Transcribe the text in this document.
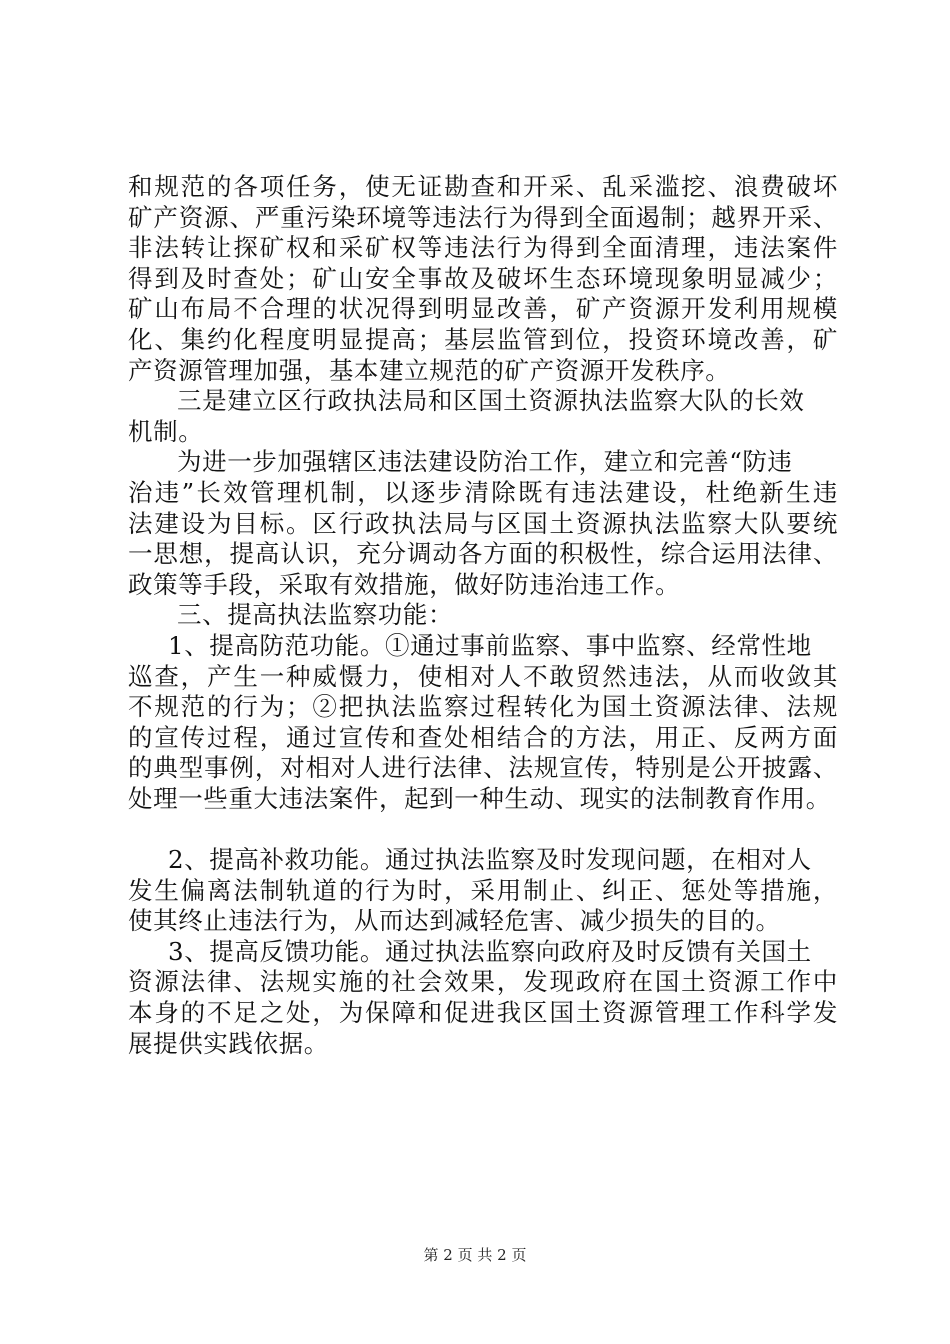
和规范的各项任务，使无证勘查和开采、乱采滥挖、浪费破坏
矿产资源、严重污染环境等违法行为得到全面遏制；越界开采、
非法转让探矿权和采矿权等违法行为得到全面清理，违法案件
得到及时查处；矿山安全事故及破坏生态环境现象明显减少；
矿山布局不合理的状况得到明显改善，矿产资源开发利用规模
化、集约化程度明显提高；基层监管到位，投资环境改善，矿
产资源管理加强，基本建立规范的矿产资源开发秩序。
三是建立区行政执法局和区国土资源执法监察大队的长效
机制。
为进一步加强辖区违法建设防治工作，建立和完善“防违
治违”长效管理机制，以逐步清除既有违法建设，杜绝新生违
法建设为目标。区行政执法局与区国土资源执法监察大队要统
一思想，提高认识，充分调动各方面的积极性，综合运用法律、
政策等手段，采取有效措施，做好防违治违工作。
三、提高执法监察功能：
1、提高防范功能。①通过事前监察、事中监察、经常性地
巡查，产生一种威慑力，使相对人不敢贸然违法，从而收敛其
不规范的行为；②把执法监察过程转化为国土资源法律、法规
的宣传过程，通过宣传和查处相结合的方法，用正、反两方面
的典型事例，对相对人进行法律、法规宣传，特别是公开披露、
处理一些重大违法案件，起到一种生动、现实的法制教育作用。
2、提高补救功能。通过执法监察及时发现问题，在相对人
发生偏离法制轨道的行为时，采用制止、纠正、惩处等措施，
使其终止违法行为，从而达到减轻危害、减少损失的目的。
3、提高反馈功能。通过执法监察向政府及时反馈有关国土
资源法律、法规实施的社会效果，发现政府在国土资源工作中
本身的不足之处，为保障和促进我区国土资源管理工作科学发
展提供实践依据。
第 2 页 共 2 页
